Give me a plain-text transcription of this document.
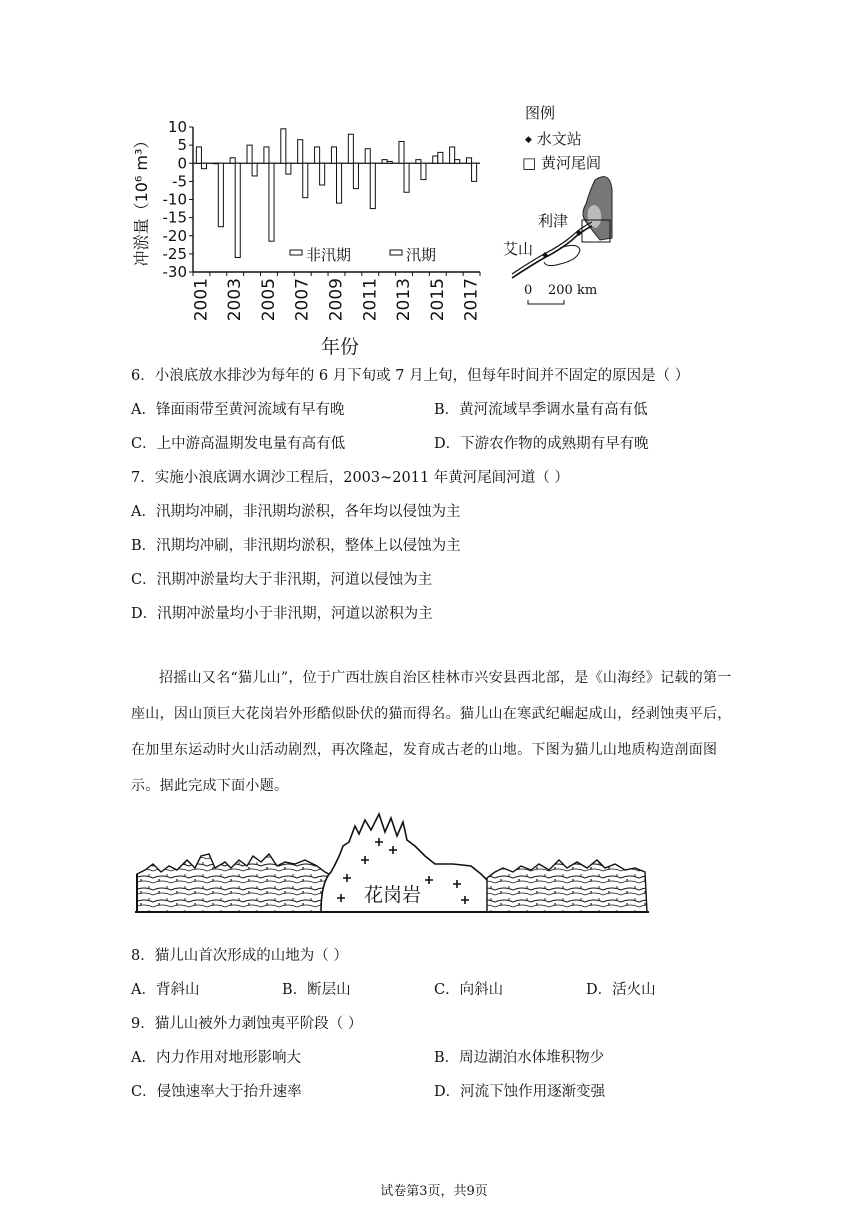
10
5
0
-5
-10
-15
-20
-25
-30
冲淤量（10⁶ m³）
2001 2003 2005 2007 2009 2011 2013 2015 2017
年份
非汛期	汛期
图例
◆ 水文站
□ 黄河尾闾
利津
艾山
0 200 km
6．小浪底放水排沙为每年的 6 月下旬或 7 月上旬，但每年时间并不固定的原因是（ ）
A．锋面雨带至黄河流域有早有晚	B．黄河流域旱季调水量有高有低
C．上中游高温期发电量有高有低	D．下游农作物的成熟期有早有晚
7．实施小浪底调水调沙工程后，2003~2011 年黄河尾闾河道（ ）
A．汛期均冲刷，非汛期均淤积，各年均以侵蚀为主
B．汛期均冲刷，非汛期均淤积，整体上以侵蚀为主
C．汛期冲淤量均大于非汛期，河道以侵蚀为主
D．汛期冲淤量均小于非汛期，河道以淤积为主
招摇山又名“猫儿山”，位于广西壮族自治区桂林市兴安县西北部，是《山海经》记载的第一座山，因山顶巨大花岗岩外形酷似卧伏的猫而得名。猫儿山在寒武纪崛起成山，经剥蚀夷平后，在加里东运动时火山活动剧烈，再次隆起，发育成古老的山地。下图为猫儿山地质构造剖面图示。据此完成下面小题。
花岗岩
8．猫儿山首次形成的山地为（ ）
A．背斜山	B．断层山	C．向斜山	D．活火山
9．猫儿山被外力剥蚀夷平阶段（ ）
A．内力作用对地形影响大	B．周边湖泊水体堆积物少
C．侵蚀速率大于抬升速率	D．河流下蚀作用逐渐变强
试卷第3页，共9页
